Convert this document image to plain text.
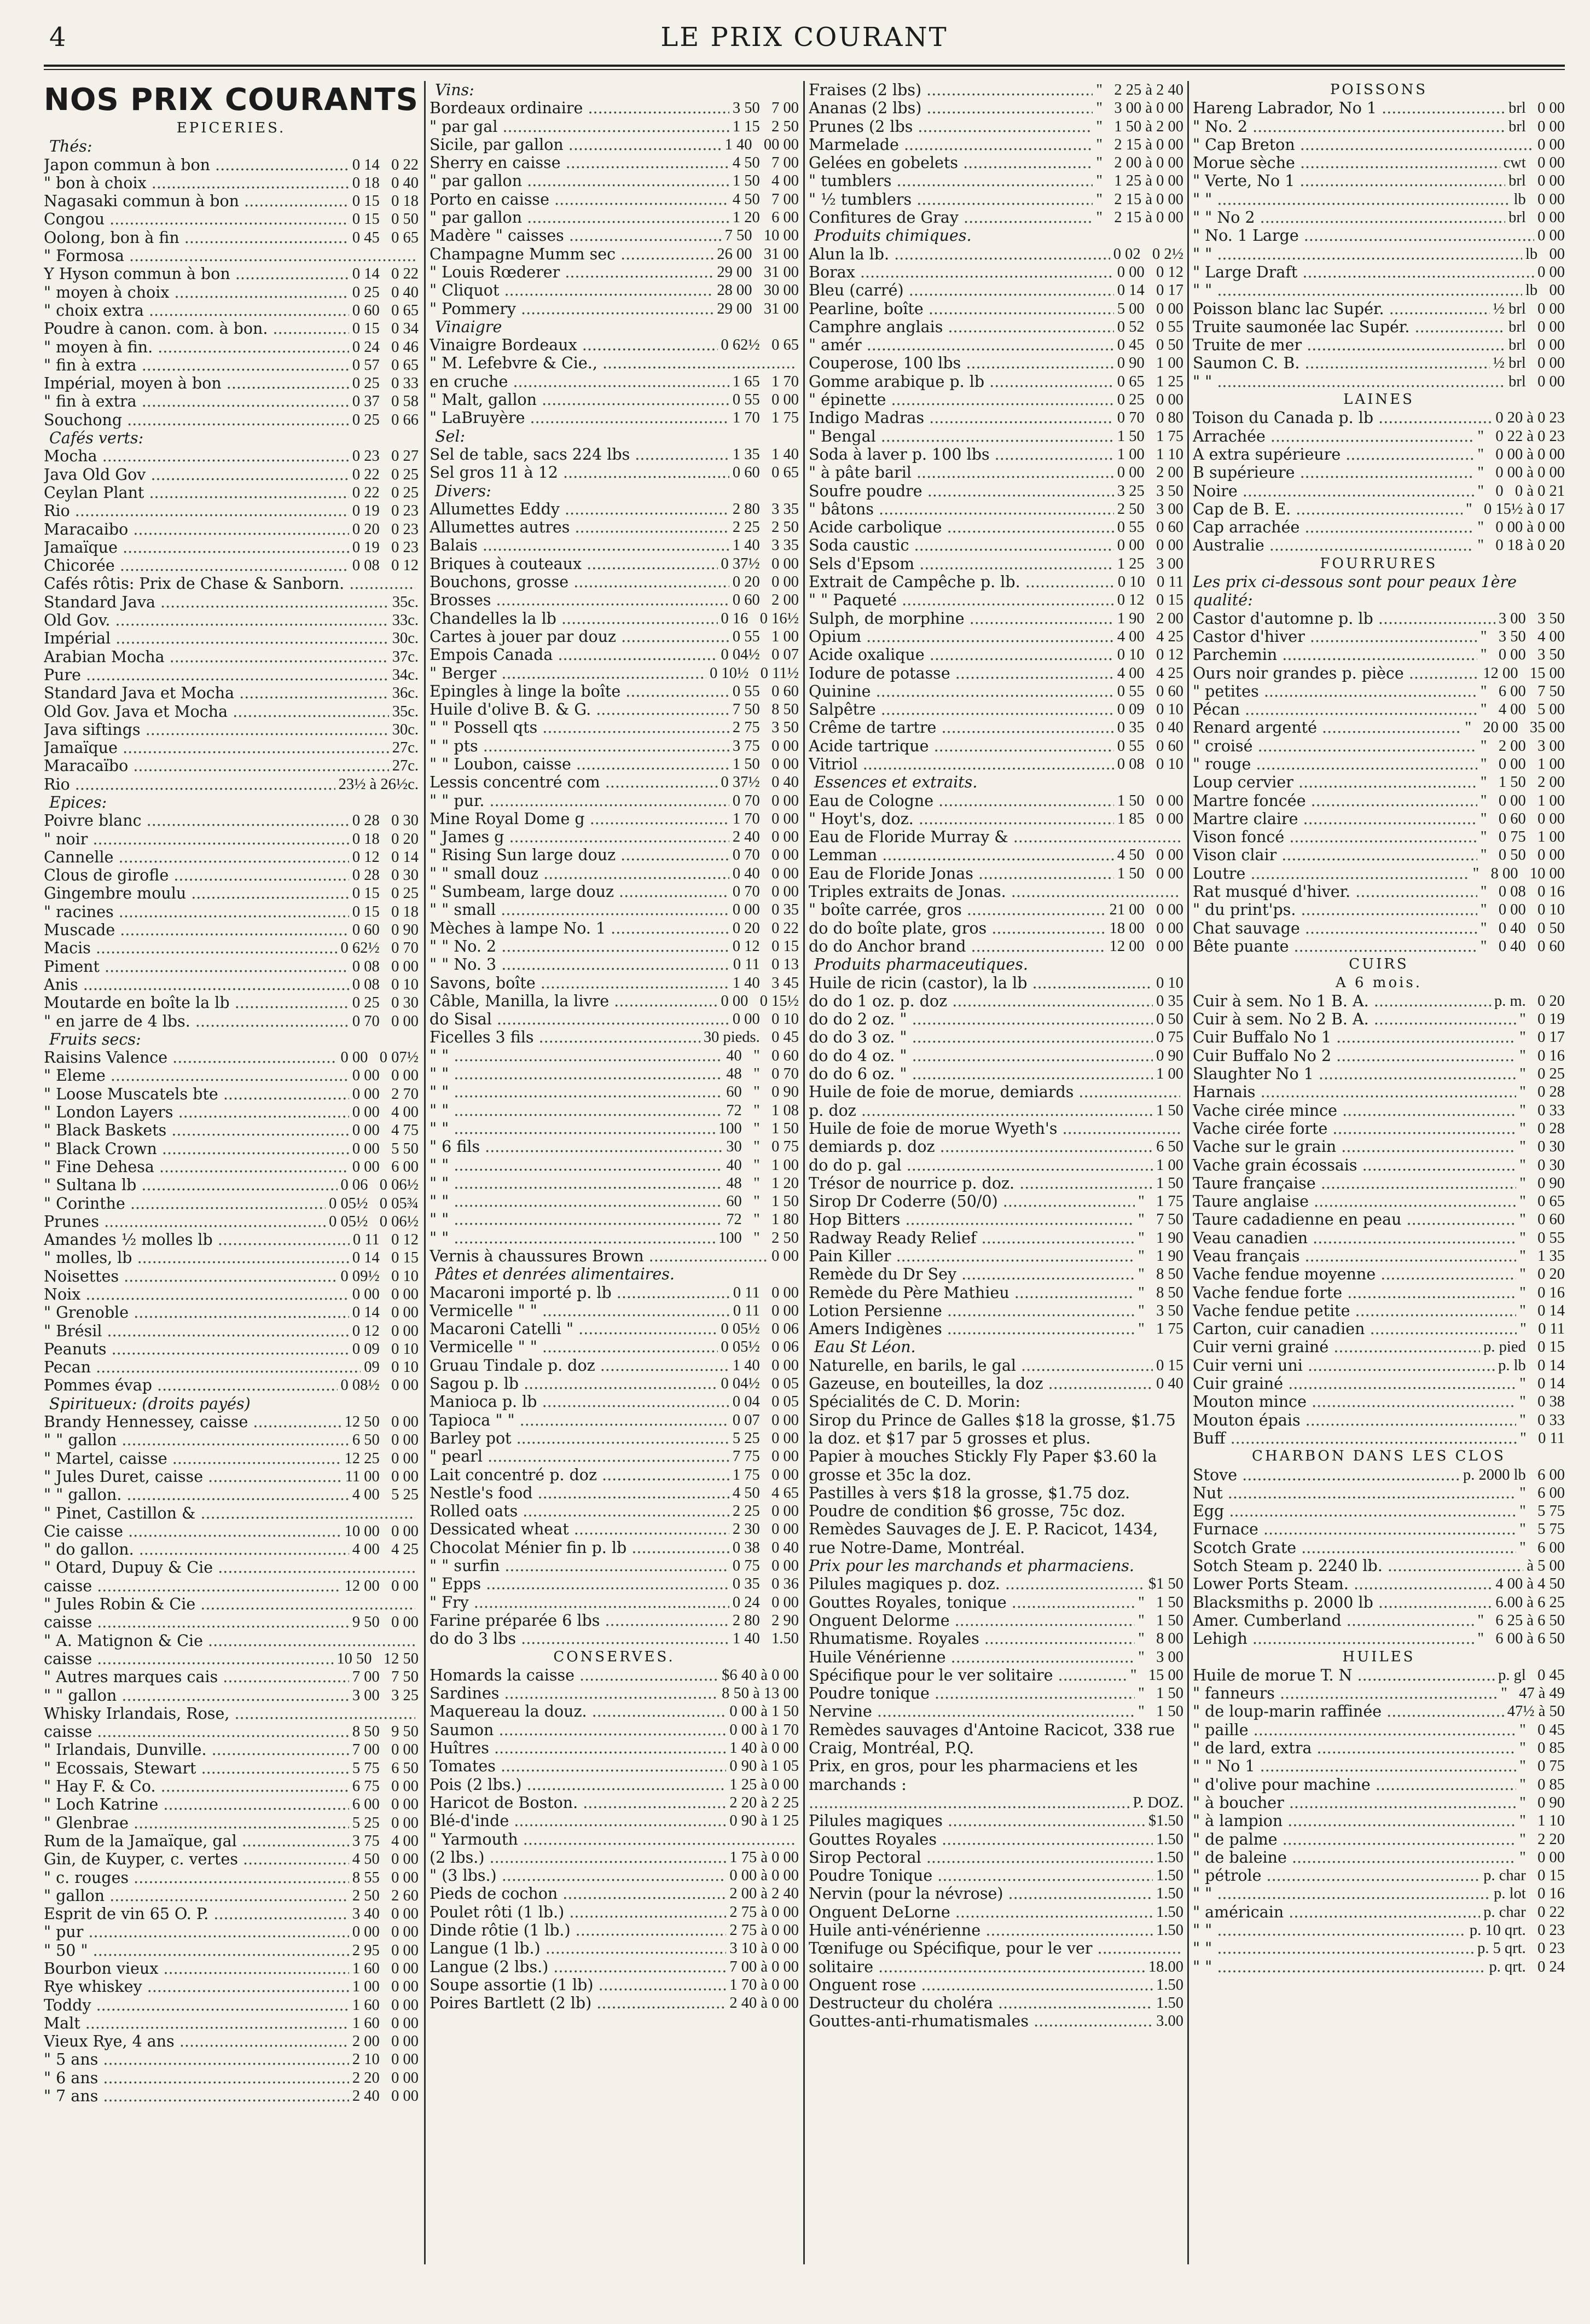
4	LE PRIX COURANT
NOS PRIX COURANTS
EPICERIES.
Thés:
Japon commun à bon .....	0 14   0 22
" bon à choix .....	0 18   0 40
Nagasaki commun à bon .....	0 15   0 18
Congou .....	0 15   0 50
Oolong, bon à fin .....	0 45   0 65
" Formosa .....
Y Hyson commun à bon .....	0 14   0 22
" moyen à choix .....	0 25   0 40
" choix extra .....	0 60   0 65
Poudre à canon. com. à bon. .....	0 15   0 34
" moyen à fin. .....	0 24   0 46
" fin à extra .....	0 57   0 65
Impérial, moyen à bon .....	0 25   0 33
" fin à extra .....	0 37   0 58
Souchong .....	0 25   0 66
Cafés verts:
Mocha .....	0 23   0 27
Java Old Gov .....	0 22   0 25
Ceylan Plant .....	0 22   0 25
Rio .....	0 19   0 23
Maracaibo .....	0 20   0 23
Jamaïque .....	0 19   0 23
Chicorée .....	0 08   0 12
Cafés rôtis: Prix de Chase & Sanborn. .....
Standard Java .....	35c.
Old Gov. .....	33c.
Impérial .....	30c.
Arabian Mocha .....	37c.
Pure .....	34c.
Standard Java et Mocha .....	36c.
Old Gov. Java et Mocha .....	35c.
Java siftings .....	30c.
Jamaïque .....	27c.
Maracaïbo .....	27c.
Rio .....	23½ à 26½c.
Epices:
Poivre blanc .....	0 28   0 30
" noir .....	0 18   0 20
Cannelle .....	0 12   0 14
Clous de girofle .....	0 28   0 30
Gingembre moulu .....	0 15   0 25
" racines .....	0 15   0 18
Muscade .....	0 60   0 90
Macis .....	0 62½   0 70
Piment .....	0 08   0 00
Anis .....	0 08   0 10
Moutarde en boîte la lb .....	0 25   0 30
" en jarre de 4 lbs. .....	0 70   0 00
Fruits secs:
Raisins Valence .....	0 00   0 07½
" Eleme .....	0 00   0 00
" Loose Muscatels bte .....	0 00   2 70
" London Layers .....	0 00   4 00
" Black Baskets .....	0 00   4 75
" Black Crown .....	0 00   5 50
" Fine Dehesa .....	0 00   6 00
" Sultana lb .....	0 06   0 06½
" Corinthe .....	0 05½   0 05¾
Prunes .....	0 05½   0 06½
Amandes ½ molles lb .....	0 11   0 12
" molles, lb .....	0 14   0 15
Noisettes .....	0 09½   0 10
Noix .....	0 00   0 00
" Grenoble .....	0 14   0 00
" Brésil .....	0 12   0 00
Peanuts .....	0 09   0 10
Pecan .....	09   0 10
Pommes évap .....	0 08½   0 00
Spiritueux: (droits payés)
Brandy Hennessey, caisse .....	12 50   0 00
" " gallon .....	6 50   0 00
" Martel, caisse .....	12 25   0 00
" Jules Duret, caisse .....	11 00   0 00
" " gallon. .....	4 00   5 25
" Pinet, Castillon & .....
Cie caisse .....	10 00   0 00
" do gallon. .....	4 00   4 25
" Otard, Dupuy & Cie .....
caisse .....	12 00   0 00
" Jules Robin & Cie .....
caisse .....	9 50   0 00
" A. Matignon & Cie .....
caisse .....	10 50   12 50
" Autres marques cais .....	7 00   7 50
" " gallon .....	3 00   3 25
Whisky Irlandais, Rose, .....
caisse .....	8 50   9 50
" Irlandais, Dunville. .....	7 00   0 00
" Ecossais, Stewart .....	5 75   6 50
" Hay F. & Co. .....	6 75   0 00
" Loch Katrine .....	6 00   0 00
" Glenbrae .....	5 25   0 00
Rum de la Jamaïque, gal .....	3 75   4 00
Gin, de Kuyper, c. vertes .....	4 50   0 00
" c. rouges .....	8 55   0 00
" gallon .....	2 50   2 60
Esprit de vin 65 O. P. .....	3 40   0 00
" pur .....	0 00   0 00
" 50 " .....	2 95   0 00
Bourbon vieux .....	1 60   0 00
Rye whiskey .....	1 00   0 00
Toddy .....	1 60   0 00
Malt .....	1 60   0 00
Vieux Rye, 4 ans .....	2 00   0 00
" 5 ans .....	2 10   0 00
" 6 ans .....	2 20   0 00
" 7 ans .....	2 40   0 00
Vins:
Bordeaux ordinaire .....	3 50   7 00
" par gal .....	1 15   2 50
Sicile, par gallon .....	1 40   00 00
Sherry en caisse .....	4 50   7 00
" par gallon .....	1 50   4 00
Porto en caisse .....	4 50   7 00
" par gallon .....	1 20   6 00
Madère " caisses .....	7 50   10 00
Champagne Mumm sec .....	26 00   31 00
" Louis Rœderer .....	29 00   31 00
" Cliquot .....	28 00   30 00
" Pommery .....	29 00   31 00
Vinaigre
Vinaigre Bordeaux .....	0 62½   0 65
" M. Lefebvre & Cie., .....
en cruche .....	1 65   1 70
" Malt, gallon .....	0 55   0 00
" LaBruyère .....	1 70   1 75
Sel:
Sel de table, sacs 224 lbs .....	1 35   1 40
Sel gros 11 à 12 .....	0 60   0 65
Divers:
Allumettes Eddy .....	2 80   3 35
Allumettes autres .....	2 25   2 50
Balais .....	1 40   3 35
Briques à couteaux .....	0 37½   0 00
Bouchons, grosse .....	0 20   0 00
Brosses .....	0 60   2 00
Chandelles la lb .....	0 16   0 16½
Cartes à jouer par douz .....	0 55   1 00
Empois Canada .....	0 04½   0 07
" Berger .....	0 10½   0 11½
Epingles à linge la boîte .....	0 55   0 60
Huile d'olive B. & G. .....	7 50   8 50
" " Possell qts .....	2 75   3 50
" " pts .....	3 75   0 00
" " Loubon, caisse .....	1 50   0 00
Lessis concentré com .....	0 37½   0 40
" " pur. .....	0 70   0 00
Mine Royal Dome g .....	1 70   0 00
" James g .....	2 40   0 00
" Rising Sun large douz .....	0 70   0 00
" " small douz .....	0 40   0 00
" Sumbeam, large douz .....	0 70   0 00
" " small .....	0 00   0 35
Mèches à lampe No. 1 .....	0 20   0 22
" " No. 2 .....	0 12   0 15
" " No. 3 .....	0 11   0 13
Savons, boîte .....	1 40   3 45
Câble, Manilla, la livre .....	0 00   0 15½
do Sisal .....	0 00   0 10
Ficelles 3 fils .....	30 pieds.   0 45
" " .....	40   "   0 60
" " .....	48   "   0 70
" " .....	60   "   0 90
" " .....	72   "   1 08
" " .....	100   "   1 50
" 6 fils .....	30   "   0 75
" " .....	40   "   1 00
" " .....	48   "   1 20
" " .....	60   "   1 50
" " .....	72   "   1 80
" " .....	100   "   2 50
Vernis à chaussures Brown .....	0 00
Pâtes et denrées alimentaires.
Macaroni importé p. lb .....	0 11   0 00
Vermicelle " " .....	0 11   0 00
Macaroni Catelli " .....	0 05½   0 06
Vermicelle " " .....	0 05½   0 06
Gruau Tindale p. doz .....	1 40   0 00
Sagou p. lb .....	0 04½   0 05
Manioca p. lb .....	0 04   0 05
Tapioca " " .....	0 07   0 00
Barley pot .....	5 25   0 00
" pearl .....	7 75   0 00
Lait concentré p. doz .....	1 75   0 00
Nestle's food .....	4 50   4 65
Rolled oats .....	2 25   0 00
Dessicated wheat .....	2 30   0 00
Chocolat Ménier fin p. lb .....	0 38   0 40
" " surfin .....	0 75   0 00
" Epps .....	0 35   0 36
" Fry .....	0 24   0 00
Farine préparée 6 lbs .....	2 80   2 90
do do 3 lbs .....	1 40   1.50
CONSERVES.
Homards la caisse .....	$6 40 à 0 00
Sardines .....	8 50 à 13 00
Maquereau la douz. .....	0 00 à 1 50
Saumon .....	0 00 à 1 70
Huîtres .....	1 40 à 0 00
Tomates .....	0 90 à 1 05
Pois (2 lbs.) .....	1 25 à 0 00
Haricot de Boston. .....	2 20 à 2 25
Blé-d'inde .....	0 90 à 1 25
" Yarmouth .....
(2 lbs.) .....	1 75 à 0 00
" (3 lbs.) .....	0 00 à 0 00
Pieds de cochon .....	2 00 à 2 40
Poulet rôti (1 lb.) .....	2 75 à 0 00
Dinde rôtie (1 lb.) .....	2 75 à 0 00
Langue (1 lb.) .....	3 10 à 0 00
Langue (2 lbs.) .....	7 00 à 0 00
Soupe assortie (1 lb) .....	1 70 à 0 00
Poires Bartlett (2 lb) .....	2 40 à 0 00
Fraises (2 lbs) .....	"   2 25 à 2 40
Ananas (2 lbs) .....	"   3 00 à 0 00
Prunes (2 lbs .....	"   1 50 à 2 00
Marmelade .....	"   2 15 à 0 00
Gelées en gobelets .....	"   2 00 à 0 00
" tumblers .....	"   1 25 à 0 00
" ½ tumblers .....	"   2 15 à 0 00
Confitures de Gray .....	"   2 15 à 0 00
Produits chimiques.
Alun la lb. .....	0 02   0 2½
Borax .....	0 00   0 12
Bleu (carré) .....	0 14   0 17
Pearline, boîte .....	5 00   0 00
Camphre anglais .....	0 52   0 55
" amér .....	0 45   0 50
Couperose, 100 lbs .....	0 90   1 00
Gomme arabique p. lb .....	0 65   1 25
" épinette .....	0 25   0 00
Indigo Madras .....	0 70   0 80
" Bengal .....	1 50   1 75
Soda à laver p. 100 lbs .....	1 00   1 10
" à pâte baril .....	0 00   2 00
Soufre poudre .....	3 25   3 50
" bâtons .....	2 50   3 00
Acide carbolique .....	0 55   0 60
Soda caustic .....	0 00   0 00
Sels d'Epsom .....	1 25   3 00
Extrait de Campêche p. lb. .....	0 10   0 11
" " Paqueté .....	0 12   0 15
Sulph, de morphine .....	1 90   2 00
Opium .....	4 00   4 25
Acide oxalique .....	0 10   0 12
Iodure de potasse .....	4 00   4 25
Quinine .....	0 55   0 60
Salpêtre .....	0 09   0 10
Crême de tartre .....	0 35   0 40
Acide tartrique .....	0 55   0 60
Vitriol .....	0 08   0 10
Essences et extraits.
Eau de Cologne .....	1 50   0 00
" Hoyt's, doz. .....	1 85   0 00
Eau de Floride Murray & .....
Lemman .....	4 50   0 00
Eau de Floride Jonas .....	1 50   0 00
Triples extraits de Jonas. .....
" boîte carrée, gros .....	21 00   0 00
do do boîte plate, gros .....	18 00   0 00
do do Anchor brand .....	12 00   0 00
Produits pharmaceutiques.
Huile de ricin (castor), la lb .....	0 10
do do 1 oz. p. doz .....	0 35
do do 2 oz. " .....	0 50
do do 3 oz. " .....	0 75
do do 4 oz. " .....	0 90
do do 6 oz. " .....	1 00
Huile de foie de morue, demiards .....
p. doz .....	1 50
Huile de foie de morue Wyeth's .....
demiards p. doz .....	6 50
do do p. gal .....	1 00
Trésor de nourrice p. doz. .....	1 50
Sirop Dr Coderre (50/0) .....	"   1 75
Hop Bitters .....	"   7 50
Radway Ready Relief .....	"   1 90
Pain Killer .....	"   1 90
Remède du Dr Sey .....	"   8 50
Remède du Père Mathieu .....	"   8 50
Lotion Persienne .....	"   3 50
Amers Indigènes .....	"   1 75
Eau St Léon.
Naturelle, en barils, le gal .....	0 15
Gazeuse, en bouteilles, la doz .....	0 40
Spécialités de C. D. Morin:
Sirop du Prince de Galles $18 la grosse, $1.75 la doz. et $17 par 5 grosses et plus.
Papier à mouches Stickly Fly Paper $3.60 la grosse et 35c la doz.
Pastilles à vers $18 la grosse, $1.75 doz.
Poudre de condition $6 grosse, 75c doz.
Remèdes Sauvages de J. E. P. Racicot, 1434, rue Notre-Dame, Montréal.
Prix pour les marchands et pharmaciens.
Pilules magiques p. doz. .....	$1 50
Gouttes Royales, tonique .....	"   1 50
Onguent Delorme .....	"   1 50
Rhumatisme. Royales .....	"   8 00
Huile Vénérienne .....	"   3 00
Spécifique pour le ver solitaire .....	"   15 00
Poudre tonique .....	"   1 50
Nervine .....	"   1 50
Remèdes sauvages d'Antoine Racicot, 338 rue Craig, Montréal, P.Q.
Prix, en gros, pour les pharmaciens et les marchands :
.....
P. DOZ.
Pilules magiques .....	$1.50
Gouttes Royales .....	1.50
Sirop Pectoral .....	1.50
Poudre Tonique .....	1.50
Nervin (pour la névrose) .....	1.50
Onguent DeLorne .....	1.50
Huile anti-vénérienne .....	1.50
Tœnifuge ou Spécifique, pour le ver .....
solitaire .....	18.00
Onguent rose .....	1.50
Destructeur du choléra .....	1.50
Gouttes-anti-rhumatismales .....	3.00
POISSONS
Hareng Labrador, No 1 .....	brl   0 00
" No. 2 .....	brl   0 00
" Cap Breton .....	0 00
Morue sèche .....	cwt   0 00
" Verte, No 1 .....	brl   0 00
" " .....	lb   0 00
" " No 2 .....	brl   0 00
" No. 1 Large .....	0 00
" " .....	lb   00
" Large Draft .....	0 00
" " .....	lb   00
Poisson blanc lac Supér. .....	½ brl   0 00
Truite saumonée lac Supér. .....	brl   0 00
Truite de mer .....	brl   0 00
Saumon C. B. .....	½ brl   0 00
" " .....	brl   0 00
LAINES
Toison du Canada p. lb .....	0 20 à 0 23
Arrachée .....	"   0 22 à 0 23
A extra supérieure .....	"   0 00 à 0 00
B supérieure .....	"   0 00 à 0 00
Noire .....	"   0   0 à 0 21
Cap de B. E. .....	"   0 15½ à 0 17
Cap arrachée .....	"   0 00 à 0 00
Australie .....	"   0 18 à 0 20
FOURRURES
Les prix ci-dessous sont pour peaux 1ère qualité:
Castor d'automne p. lb .....	3 00   3 50
Castor d'hiver .....	"   3 50   4 00
Parchemin .....	"   0 00   3 50
Ours noir grandes p. pièce .....	12 00   15 00
" petites .....	"   6 00   7 50
Pécan .....	"   4 00   5 00
Renard argenté .....	"   20 00   35 00
" croisé .....	"   2 00   3 00
" rouge .....	"   0 00   1 00
Loup cervier .....	"   1 50   2 00
Martre foncée .....	"   0 00   1 00
Martre claire .....	"   0 60   0 00
Vison foncé .....	"   0 75   1 00
Vison clair .....	"   0 50   0 00
Loutre .....	"   8 00   10 00
Rat musqué d'hiver. .....	"   0 08   0 16
" du print'ps. .....	"   0 00   0 10
Chat sauvage .....	"   0 40   0 50
Bête puante .....	"   0 40   0 60
CUIRS
A 6 mois.
Cuir à sem. No 1 B. A. .....	p. m.   0 20
Cuir à sem. No 2 B. A. .....	"   0 19
Cuir Buffalo No 1 .....	"   0 17
Cuir Buffalo No 2 .....	"   0 16
Slaughter No 1 .....	"   0 25
Harnais .....	"   0 28
Vache cirée mince .....	"   0 33
Vache cirée forte .....	"   0 28
Vache sur le grain .....	"   0 30
Vache grain écossais .....	"   0 30
Taure française .....	"   0 90
Taure anglaise .....	"   0 65
Taure cadadienne en peau .....	"   0 60
Veau canadien .....	"   0 55
Veau français .....	"   1 35
Vache fendue moyenne .....	"   0 20
Vache fendue forte .....	"   0 16
Vache fendue petite .....	"   0 14
Carton, cuir canadien .....	"   0 11
Cuir verni grainé .....	p. pied   0 15
Cuir verni uni .....	p. lb   0 14
Cuir grainé .....	"   0 14
Mouton mince .....	"   0 38
Mouton épais .....	"   0 33
Buff .....	"   0 11
CHARBON DANS LES CLOS
Stove .....	p. 2000 lb   6 00
Nut .....	"   6 00
Egg .....	"   5 75
Furnace .....	"   5 75
Scotch Grate .....	"   6 00
Sotch Steam p. 2240 lb. .....	à 5 00
Lower Ports Steam. .....	4 00 à 4 50
Blacksmiths p. 2000 lb .....	6.00 à 6 25
Amer. Cumberland .....	"   6 25 à 6 50
Lehigh .....	"   6 00 à 6 50
HUILES
Huile de morue T. N .....	p. gl   0 45
" fanneurs .....	"   47 à 49
" de loup-marin raffinée .....	47½ à 50
" paille .....	"   0 45
" de lard, extra .....	"   0 85
" " No 1 .....	"   0 75
" d'olive pour machine .....	"   0 85
" à boucher .....	"   0 90
" à lampion .....	"   1 10
" de palme .....	"   2 20
" de baleine .....	"   0 00
" pétrole .....	p. char   0 15
" " .....	p. lot   0 16
" américain .....	p. char   0 22
" " .....	p. 10 qrt.   0 23
" " .....	p. 5 qrt.   0 23
" " .....	p. qrt.   0 24
